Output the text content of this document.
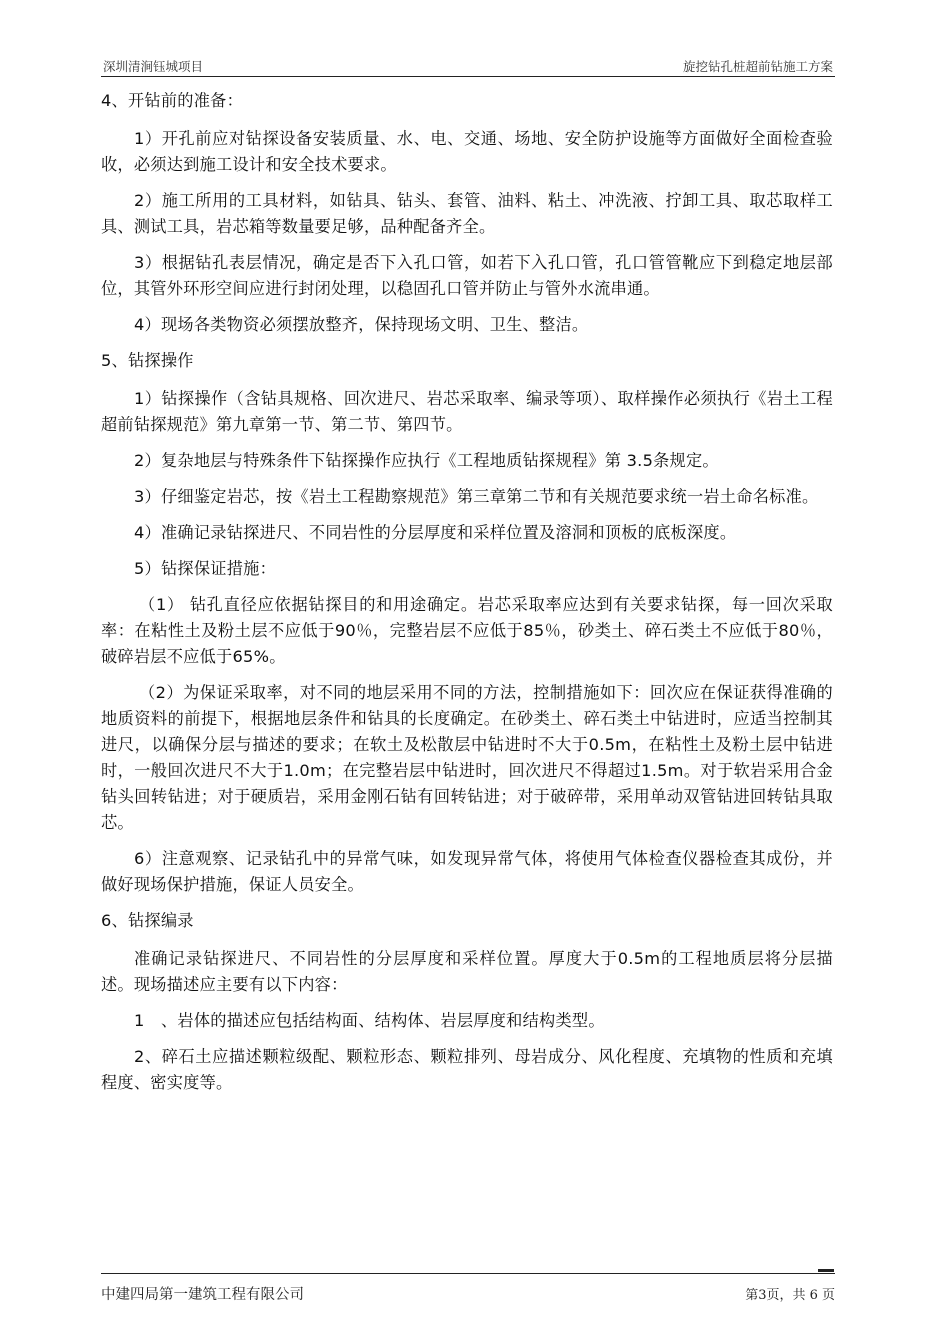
深圳清涧钰城项目	旋挖钻孔桩超前钻施工方案

4、开钻前的准备：

1）开孔前应对钻探设备安装质量、水、电、交通、场地、安全防护设施等方面做好全面检查验收，必须达到施工设计和安全技术要求。

2）施工所用的工具材料，如钻具、钻头、套管、油料、粘土、冲洗液、拧卸工具、取芯取样工具、测试工具，岩芯箱等数量要足够，品种配备齐全。

3）根据钻孔表层情况，确定是否下入孔口管，如若下入孔口管，孔口管管靴应下到稳定地层部位，其管外环形空间应进行封闭处理，以稳固孔口管并防止与管外水流串通。

4）现场各类物资必须摆放整齐，保持现场文明、卫生、整洁。

5、钻探操作

1）钻探操作（含钻具规格、回次进尺、岩芯采取率、编录等项）、取样操作必须执行《岩土工程超前钻探规范》第九章第一节、第二节、第四节。

2）复杂地层与特殊条件下钻探操作应执行《工程地质钻探规程》第 3.5条规定。

3）仔细鉴定岩芯，按《岩土工程勘察规范》第三章第二节和有关规范要求统一岩土命名标准。

4）准确记录钻探进尺、不同岩性的分层厚度和采样位置及溶洞和顶板的底板深度。

5）钻探保证措施：

（1） 钻孔直径应依据钻探目的和用途确定。岩芯采取率应达到有关要求钻探，每一回次采取率：在粘性土及粉土层不应低于90％，完整岩层不应低于85％，砂类土、碎石类土不应低于80％，破碎岩层不应低于65%。

（2）为保证采取率，对不同的地层采用不同的方法，控制措施如下：回次应在保证获得准确的地质资料的前提下，根据地层条件和钻具的长度确定。在砂类土、碎石类土中钻进时，应适当控制其进尺，以确保分层与描述的要求；在软土及松散层中钻进时不大于0.5m，在粘性土及粉土层中钻进时，一般回次进尺不大于1.0m；在完整岩层中钻进时，回次进尺不得超过1.5m。对于软岩采用合金钻头回转钻进；对于硬质岩，采用金刚石钻有回转钻进；对于破碎带，采用单动双管钻进回转钻具取芯。

6）注意观察、记录钻孔中的异常气味，如发现异常气体，将使用气体检查仪器检查其成份，并做好现场保护措施，保证人员安全。

6、钻探编录

准确记录钻探进尺、不同岩性的分层厚度和采样位置。厚度大于0.5m的工程地质层将分层描述。现场描述应主要有以下内容：

1　、岩体的描述应包括结构面、结构体、岩层厚度和结构类型。

2、碎石土应描述颗粒级配、颗粒形态、颗粒排列、母岩成分、风化程度、充填物的性质和充填程度、密实度等。

中建四局第一建筑工程有限公司	第3页，共 6 页
